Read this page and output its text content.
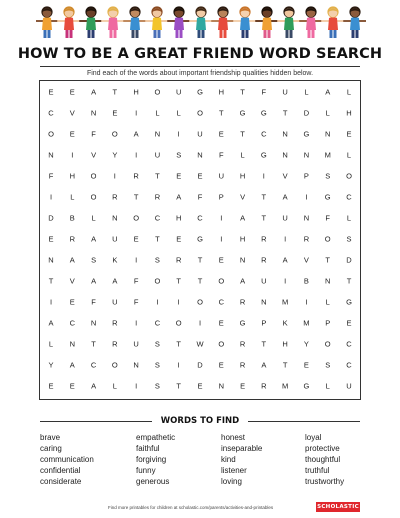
HOW TO BE A GREAT FRIEND WORD SEARCH
Find each of the words about important friendship qualities hidden below.
E E A T H O U G H T F U L A L
C V N E I L L O T G G T D L H
O E F O A N I U E T C N G N E
N I V Y I U S N F L G N N M L
F H O I R T E E U H I V P S O
I L O R T R A F P V T A I G C
D B L N O C H C I A T U N F L
E R A U E T E G I H R I R O S
N A S K I S R T E N R A V T D
T V A A F O T T O A U I B N T
I E F U F I	I O C R N M I L G
A C N R I C O I E G P K M P E
L N T R U S T W O R T H Y O C
Y A C O N S I D E R A T E S C
E E A L I S T E N E R M G L U
WORDS TO FIND
brave
caring
communication
confidential
considerate
empathetic
faithful
forgiving
funny
generous
honest
inseparable
kind
listener
loving
loyal
protective
thoughtful
truthful
trustworthy
Find more printables for children at scholastic.com/parents/activities-and-printables	SCHOLASTIC
